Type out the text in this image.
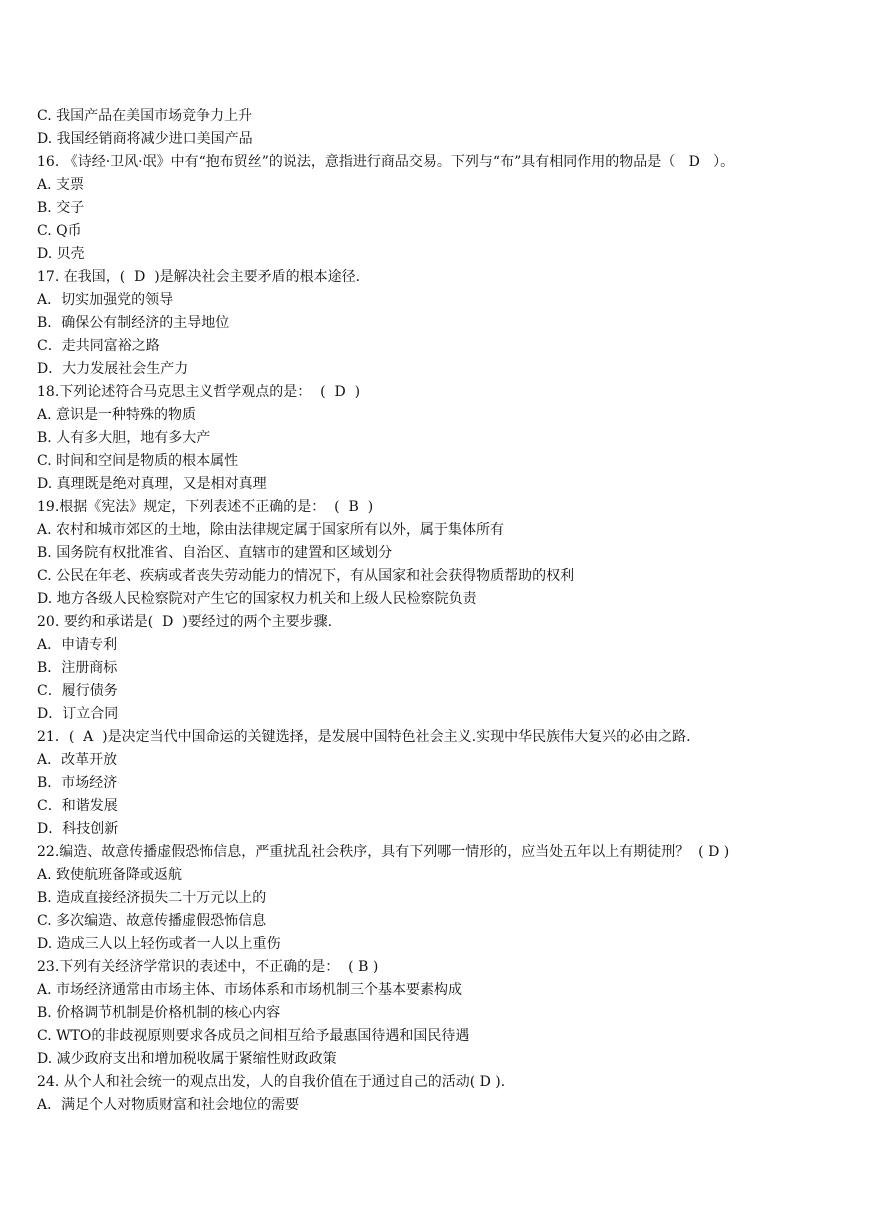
C. 我国产品在美国市场竞争力上升
D. 我国经销商将减少进口美国产品
16. 《诗经·卫风·氓》中有“抱布贸丝”的说法，意指进行商品交易。下列与“布”具有相同作用的物品是（   D   ）。
A. 支票
B. 交子
C. Q币
D. 贝壳
17. 在我国，(  D  )是解决社会主要矛盾的根本途径.
A．切实加强党的领导
B．确保公有制经济的主导地位
C．走共同富裕之路
D．大力发展社会生产力
18.下列论述符合马克思主义哲学观点的是：  (  D  )
A. 意识是一种特殊的物质
B. 人有多大胆，地有多大产
C. 时间和空间是物质的根本属性
D. 真理既是绝对真理，又是相对真理
19.根据《宪法》规定，下列表述不正确的是：  (  B  )
A. 农村和城市郊区的土地，除由法律规定属于国家所有以外，属于集体所有
B. 国务院有权批准省、自治区、直辖市的建置和区域划分
C. 公民在年老、疾病或者丧失劳动能力的情况下，有从国家和社会获得物质帮助的权利
D. 地方各级人民检察院对产生它的国家权力机关和上级人民检察院负责
20. 要约和承诺是(  D  )要经过的两个主要步骤.
A．申请专利
B．注册商标
C．履行债务
D．订立合同
21．(  A  )是决定当代中国命运的关键选择，是发展中国特色社会主义.实现中华民族伟大复兴的必由之路.
A．改革开放
B．市场经济
C．和谐发展
D．科技创新
22.编造、故意传播虚假恐怖信息，严重扰乱社会秩序，具有下列哪一情形的，应当处五年以上有期徒刑？  ( D )
A. 致使航班备降或返航
B. 造成直接经济损失二十万元以上的
C. 多次编造、故意传播虚假恐怖信息
D. 造成三人以上轻伤或者一人以上重伤
23.下列有关经济学常识的表述中，不正确的是：  ( B )
A. 市场经济通常由市场主体、市场体系和市场机制三个基本要素构成
B. 价格调节机制是价格机制的核心内容
C. WTO的非歧视原则要求各成员之间相互给予最惠国待遇和国民待遇
D. 减少政府支出和增加税收属于紧缩性财政政策
24. 从个人和社会统一的观点出发，人的自我价值在于通过自己的活动( D ).
A．满足个人对物质财富和社会地位的需要
